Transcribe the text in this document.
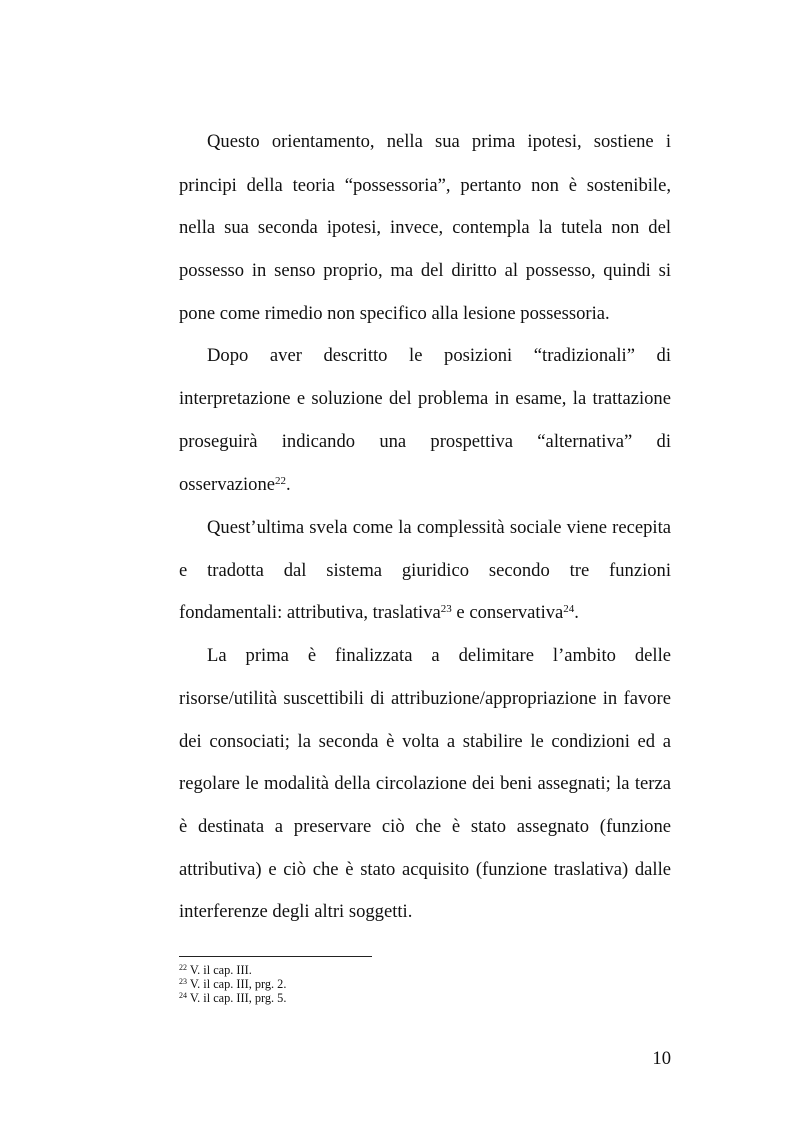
Questo orientamento, nella sua prima ipotesi, sostiene i
principi della teoria “possessoria”, pertanto non è sostenibile,
nella sua seconda ipotesi, invece, contempla la tutela non del
possesso in senso proprio, ma del diritto al possesso, quindi si
pone come rimedio non specifico alla lesione possessoria.
Dopo aver descritto le posizioni “tradizionali” di
interpretazione e soluzione del problema in esame, la trattazione
proseguirà indicando una prospettiva “alternativa” di
osservazione$^{22}$.
Quest’ultima svela come la complessità sociale viene recepita
e tradotta dal sistema giuridico secondo tre funzioni
fondamentali: attributiva, traslativa$^{23}$ e conservativa$^{24}$.
La prima è finalizzata a delimitare l’ambito delle
risorse/utilità suscettibili di attribuzione/appropriazione in favore
dei consociati; la seconda è volta a stabilire le condizioni ed a
regolare le modalità della circolazione dei beni assegnati; la terza
è destinata a preservare ciò che è stato assegnato (funzione
attributiva) e ciò che è stato acquisito (funzione traslativa) dalle
interferenze degli altri soggetti.
$^{22}$ V. il cap. III.
$^{23}$ V. il cap. III, prg. 2.
$^{24}$ V. il cap. III, prg. 5.
10
